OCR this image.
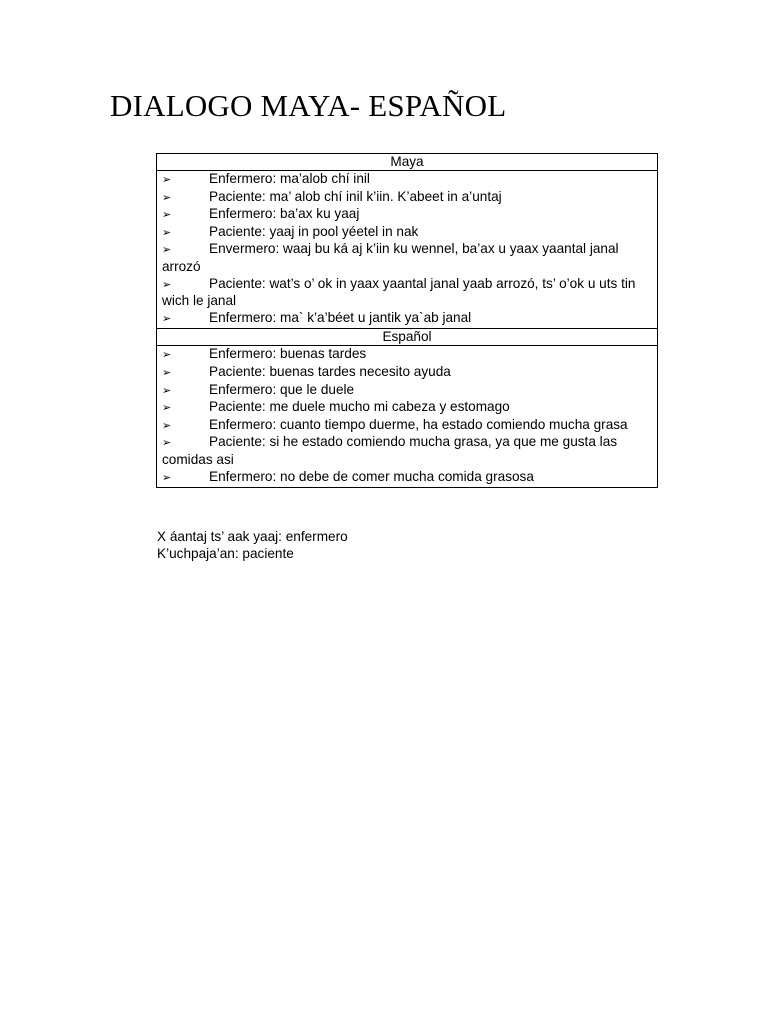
DIALOGO MAYA- ESPAÑOL
Maya

➢	Enfermero: ma’alob chí inil
➢	Paciente: ma’ alob chí inil k’iin. K’abeet in a’untaj
➢	Enfermero: ba’ax ku yaaj
➢	Paciente: yaaj in pool yéetel in nak
➢	Envermero: waaj bu ká aj k’iin ku wennel, ba’ax u yaax yaantal janal arrozó
➢	Paciente: wat’s o’ ok in yaax yaantal janal yaab arrozó, ts’ o’ok u uts tin wich le janal
➢	Enfermero: ma` k’a’béet u jantik ya`ab janal

Español

➢	Enfermero: buenas tardes
➢	Paciente: buenas tardes necesito ayuda
➢	Enfermero: que le duele
➢	Paciente: me duele mucho mi cabeza y estomago
➢	Enfermero: cuanto tiempo duerme, ha estado comiendo mucha grasa
➢	Paciente: si he estado comiendo mucha grasa, ya que me gusta las comidas asi
➢	Enfermero: no debe de comer mucha comida grasosa
X áantaj ts’ aak yaaj: enfermero
K’uchpaja’an: paciente
